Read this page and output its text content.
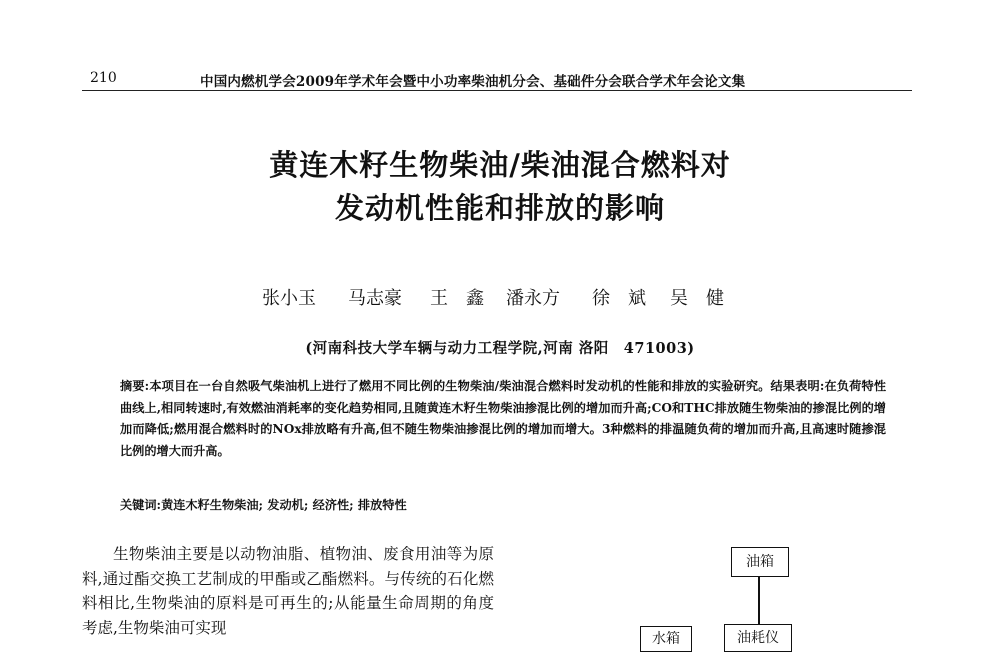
210	中国内燃机学会2009年学术年会暨中小功率柴油机分会、基础件分会联合学术年会论文集
黄连木籽生物柴油/柴油混合燃料对
发动机性能和排放的影响
张小玉 马志豪 王　鑫 潘永方 徐　斌 吴　健
(河南科技大学车辆与动力工程学院,河南 洛阳　471003)
摘要:本项目在一台自然吸气柴油机上进行了燃用不同比例的生物柴油/柴油混合燃料时发动机的性能和排放的实验研究。结果表明:在负荷特性曲线上,相同转速时,有效燃油消耗率的变化趋势相同,且随黄连木籽生物柴油掺混比例的增加而升高;CO和THC排放随生物柴油的掺混比例的增加而降低;燃用混合燃料时的NOx排放略有升高,但不随生物柴油掺混比例的增加而增大。3种燃料的排温随负荷的增加而升高,且高速时随掺混比例的增大而升高。
关键词:黄连木籽生物柴油; 发动机; 经济性; 排放特性
生物柴油主要是以动物油脂、植物油、废食用油等为原料,通过酯交换工艺制成的甲酯或乙酯燃料。与传统的石化燃料相比,生物柴油的原料是可再生的;从能量生命周期的角度考虑,生物柴油可实现
油箱
油耗仪
水箱
